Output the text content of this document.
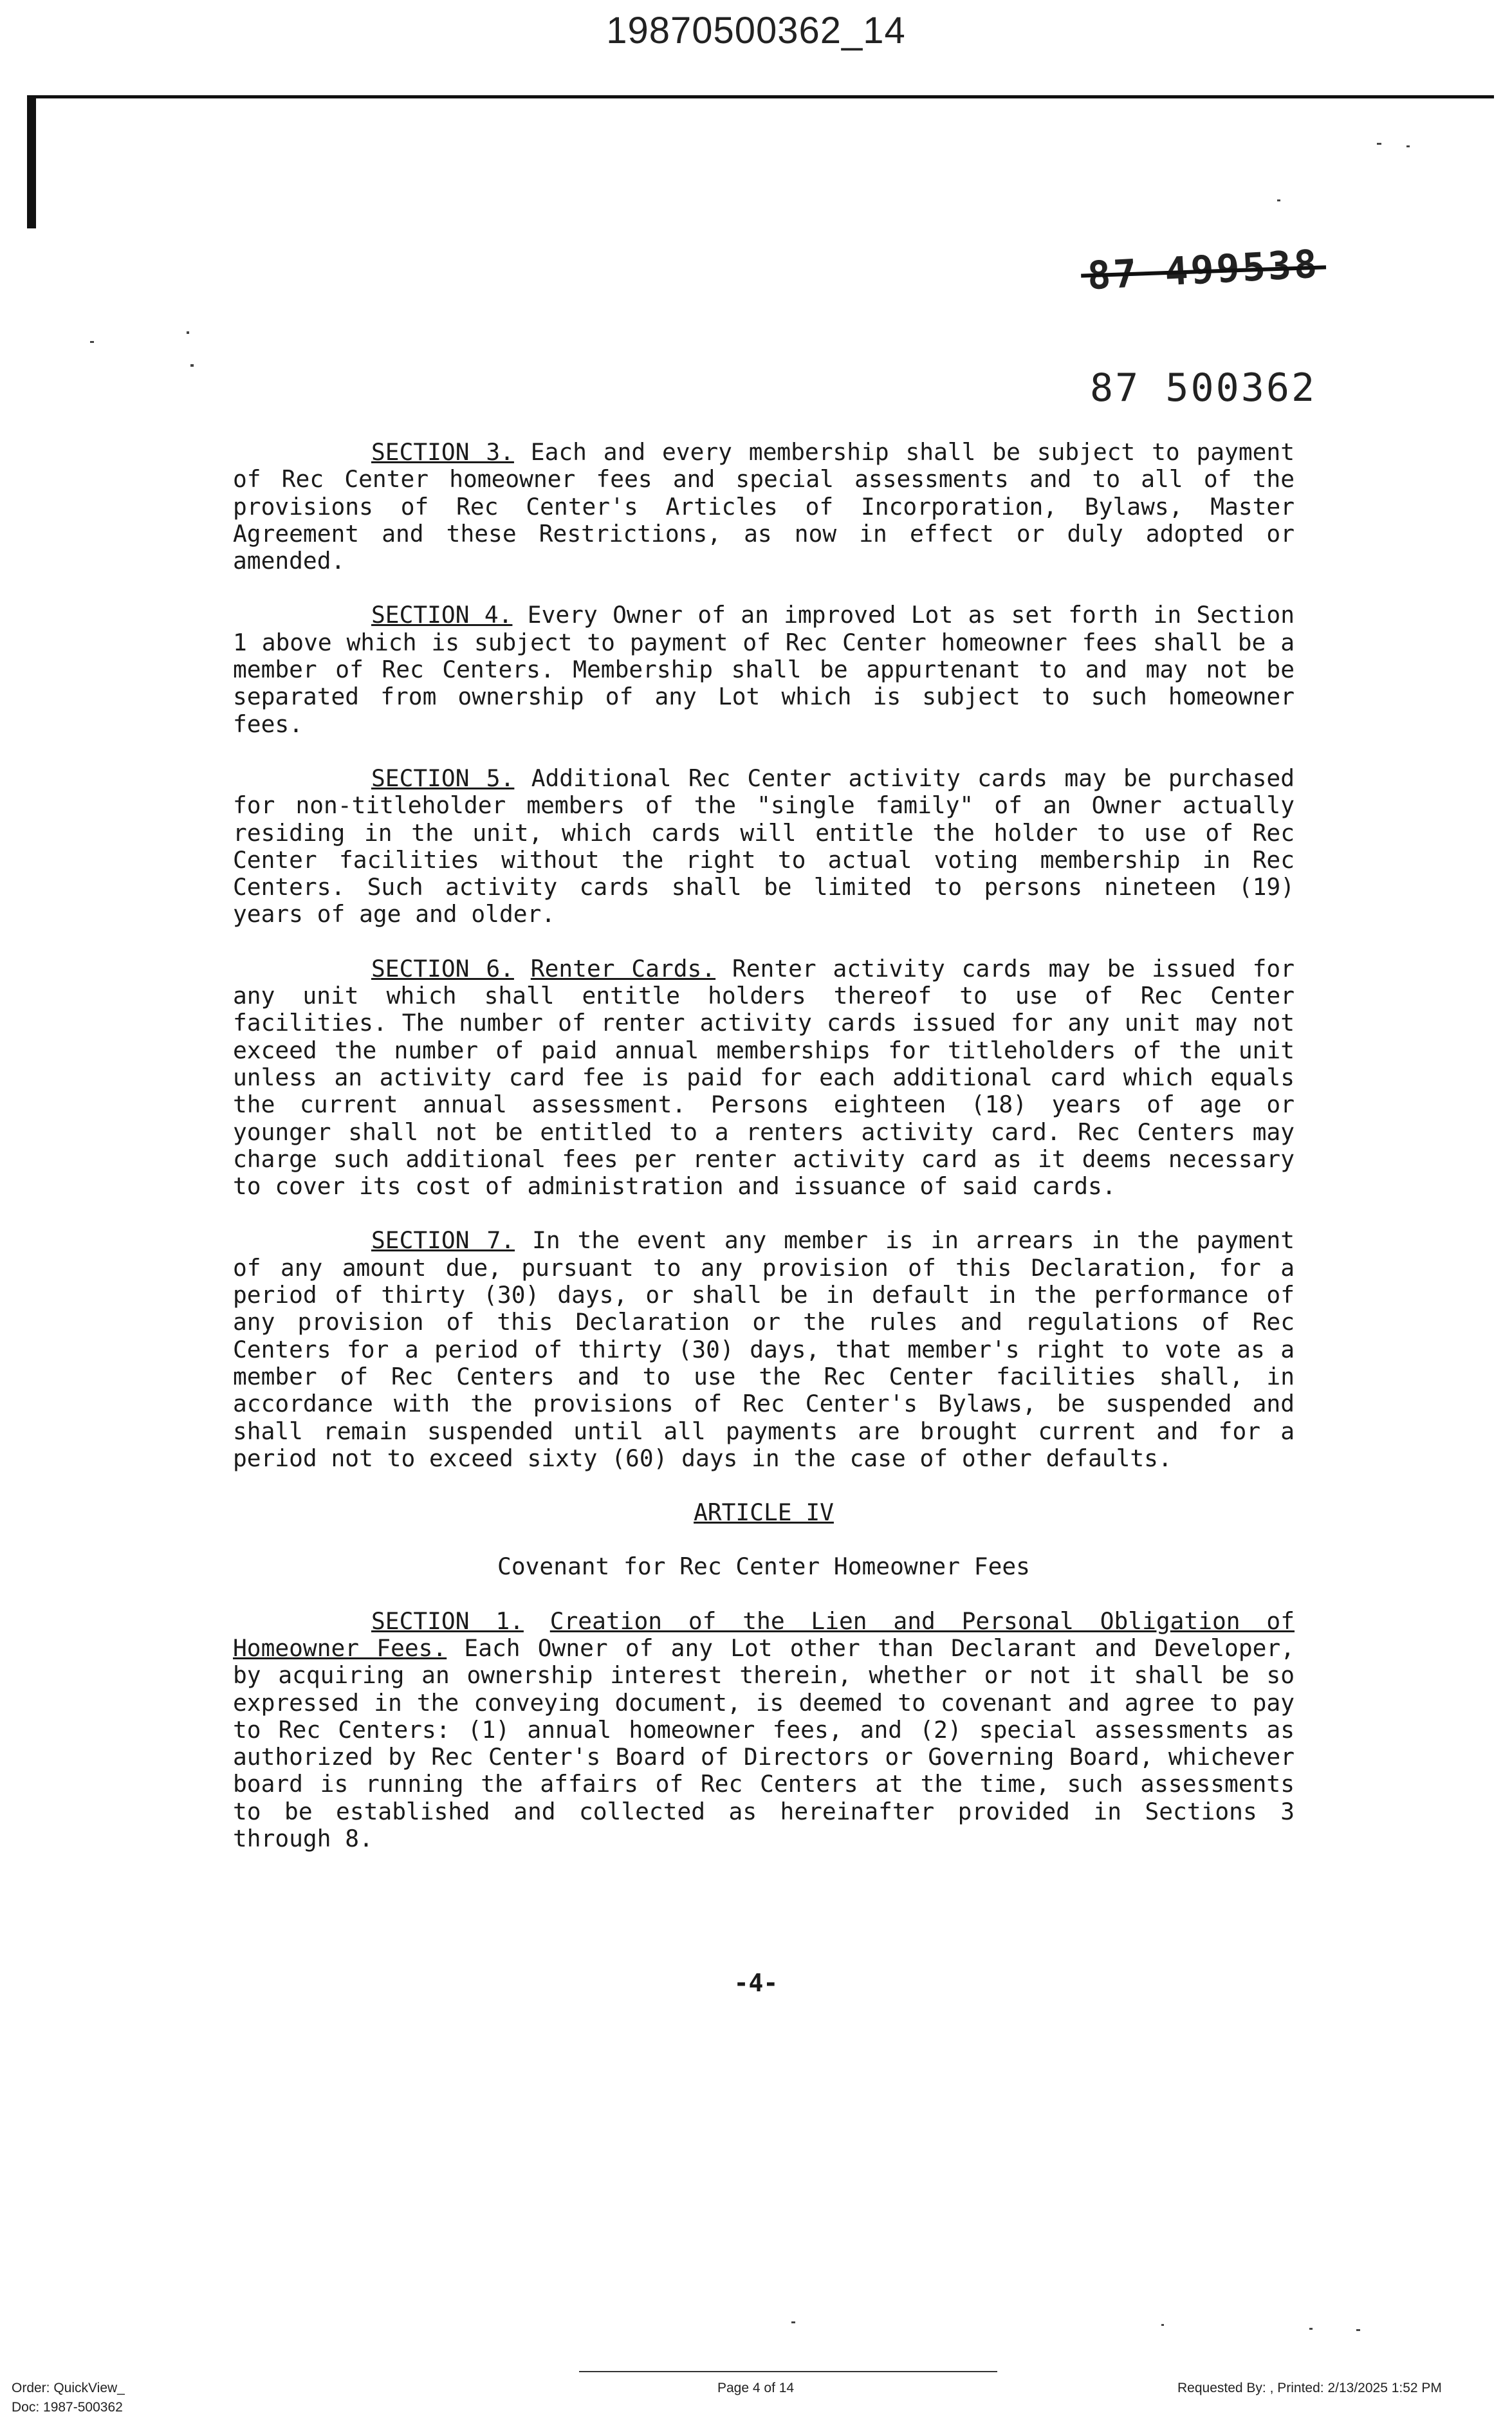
19870500362_14
87 499538
87 500362

SECTION 3. Each and every membership shall be subject to payment of Rec Center homeowner fees and special assessments and to all of the provisions of Rec Center's Articles of Incorporation, Bylaws, Master Agreement and these Restrictions, as now in effect or duly adopted or amended.

SECTION 4. Every Owner of an improved Lot as set forth in Section 1 above which is subject to payment of Rec Center homeowner fees shall be a member of Rec Centers. Membership shall be appurtenant to and may not be separated from ownership of any Lot which is subject to such homeowner fees.

SECTION 5. Additional Rec Center activity cards may be purchased for non-titleholder members of the "single family" of an Owner actually residing in the unit, which cards will entitle the holder to use of Rec Center facilities without the right to actual voting membership in Rec Centers. Such activity cards shall be limited to persons nineteen (19) years of age and older.

SECTION 6. Renter Cards. Renter activity cards may be issued for any unit which shall entitle holders thereof to use of Rec Center facilities. The number of renter activity cards issued for any unit may not exceed the number of paid annual memberships for titleholders of the unit unless an activity card fee is paid for each additional card which equals the current annual assessment. Persons eighteen (18) years of age or younger shall not be entitled to a renters activity card. Rec Centers may charge such additional fees per renter activity card as it deems necessary to cover its cost of administration and issuance of said cards.

SECTION 7. In the event any member is in arrears in the payment of any amount due, pursuant to any provision of this Declaration, for a period of thirty (30) days, or shall be in default in the performance of any provision of this Declaration or the rules and regulations of Rec Centers for a period of thirty (30) days, that member's right to vote as a member of Rec Centers and to use the Rec Center facilities shall, in accordance with the provisions of Rec Center's Bylaws, be suspended and shall remain suspended until all payments are brought current and for a period not to exceed sixty (60) days in the case of other defaults.

ARTICLE IV

Covenant for Rec Center Homeowner Fees

SECTION 1. Creation of the Lien and Personal Obligation of Homeowner Fees. Each Owner of any Lot other than Declarant and Developer, by acquiring an ownership interest therein, whether or not it shall be so expressed in the conveying document, is deemed to covenant and agree to pay to Rec Centers: (1) annual homeowner fees, and (2) special assessments as authorized by Rec Center's Board of Directors or Governing Board, whichever board is running the affairs of Rec Centers at the time, such assessments to be established and collected as hereinafter provided in Sections 3 through 8.

-4-
Order: QuickView_
Doc: 1987-500362
Page 4 of 14	Requested By: , Printed: 2/13/2025 1:52 PM
